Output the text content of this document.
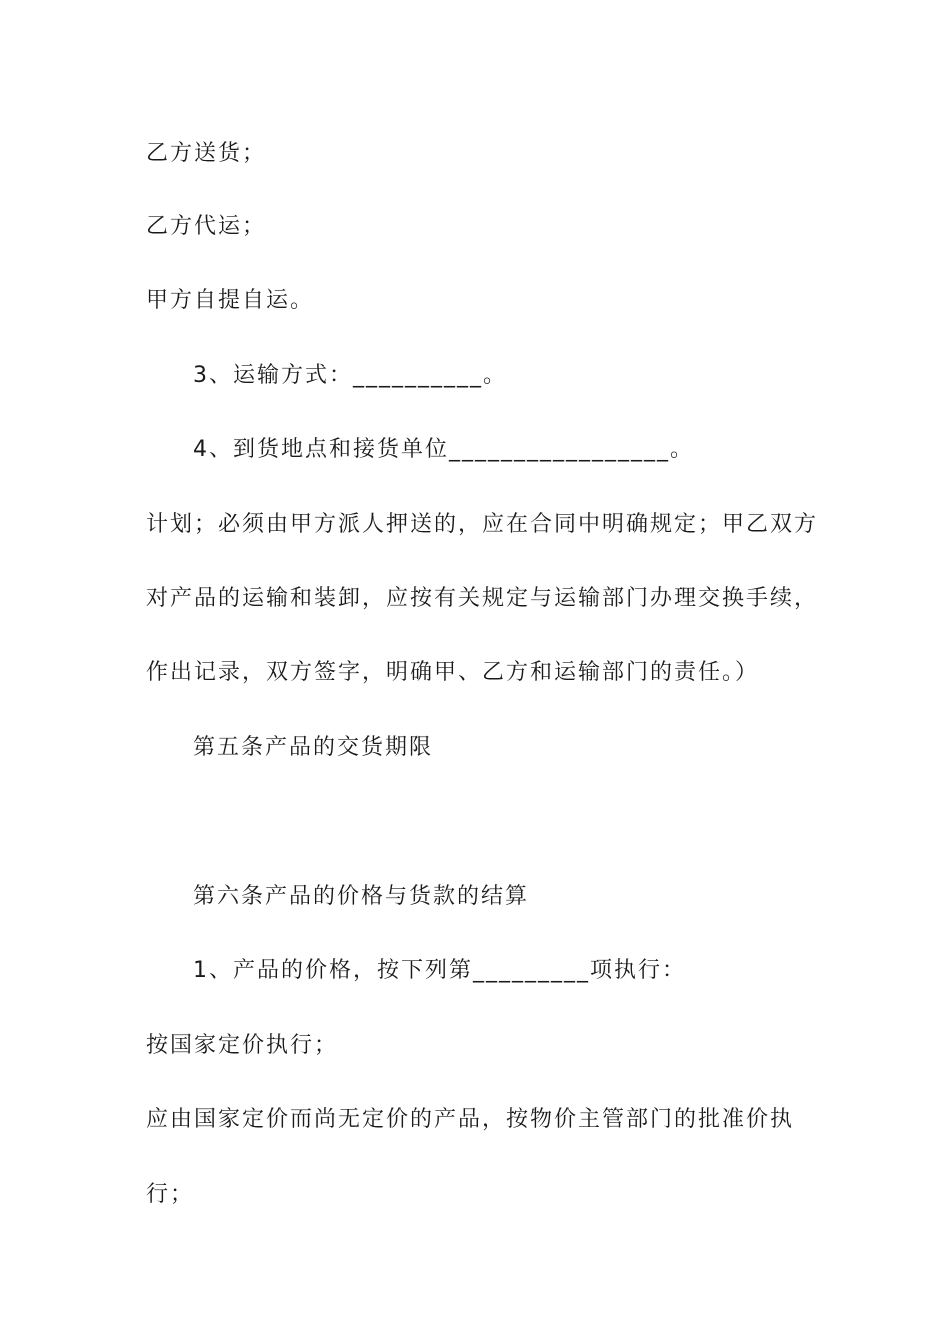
乙方送货；
乙方代运；
甲方自提自运。
3、运输方式：__________。
4、到货地点和接货单位_________________。
计划；必须由甲方派人押送的，应在合同中明确规定；甲乙双方
对产品的运输和装卸，应按有关规定与运输部门办理交换手续，
作出记录，双方签字，明确甲、乙方和运输部门的责任。）
第五条产品的交货期限
第六条产品的价格与货款的结算
1、产品的价格，按下列第_________项执行：
按国家定价执行；
应由国家定价而尚无定价的产品，按物价主管部门的批准价执
行；
